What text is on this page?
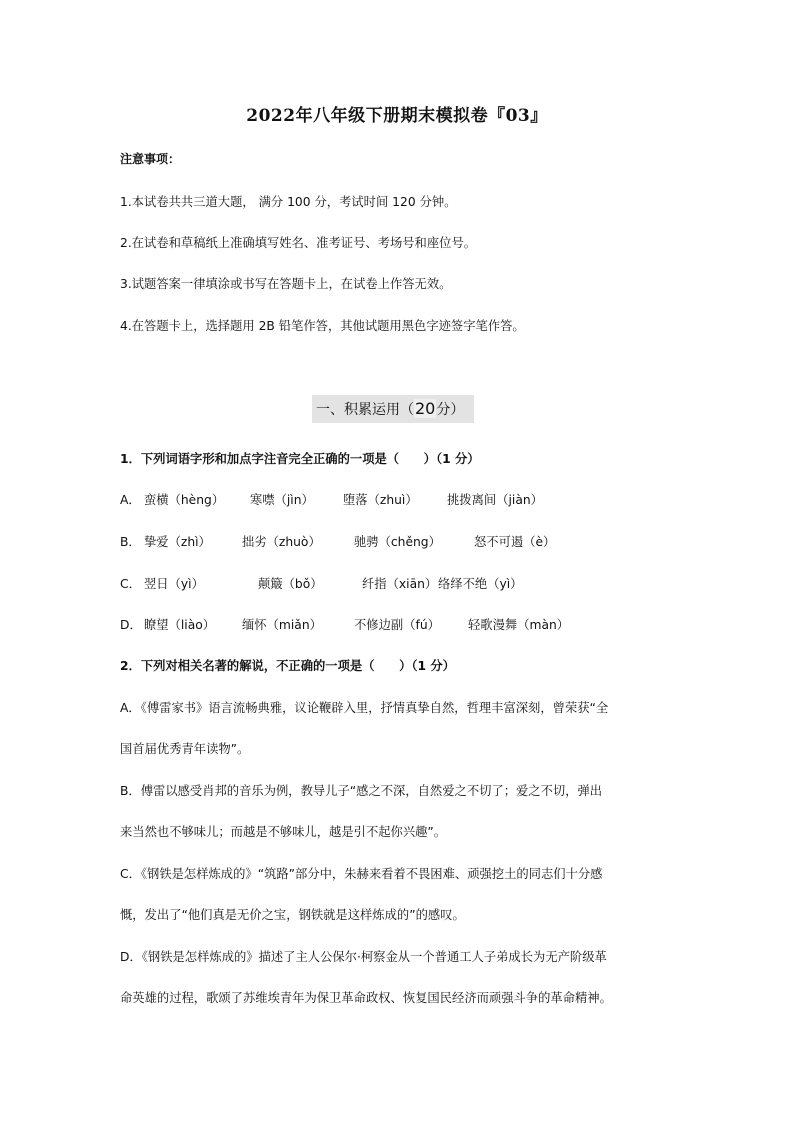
2022年八年级下册期末模拟卷『03』
注意事项：
1.本试卷共共三道大题， 满分 100 分，考试时间 120 分钟。
2.在试卷和草稿纸上准确填写姓名、准考证号、考场号和座位号。
3.试题答案一律填涂或书写在答题卡上，在试卷上作答无效。
4.在答题卡上，选择题用 2B 铅笔作答，其他试题用黑色字迹签字笔作答。
一、积累运用（20分）
1．下列词语字形和加点字注音完全正确的一项是（　　）（1 分）
A． 蛮横（hèng） 寒噤（jìn） 堕落（zhuì） 挑拨离间（jiàn）
B． 挚爱（zhì）	拙劣（zhuò）	驰骋（chěng）	怒不可遏（è）
C． 翌日（yì）	颠簸（bǒ）	纤指（xiān） 络绎不绝（yì）
D． 瞭望（liào） 缅怀（miǎn）	不修边副（fú） 轻歌漫舞（màn）
2．下列对相关名著的解说，不正确的一项是（　　）（1 分）
A．《傅雷家书》语言流畅典雅，议论鞭辟入里，抒情真挚自然，哲理丰富深刻，曾荣获“全
国首届优秀青年读物”。
B．傅雷以感受肖邦的音乐为例，教导儿子“感之不深，自然爱之不切了；爱之不切，弹出
来当然也不够味儿；而越是不够味儿，越是引不起你兴趣”。
C．《钢铁是怎样炼成的》“筑路”部分中，朱赫来看着不畏困难、顽强挖土的同志们十分感
慨，发出了“他们真是无价之宝，钢铁就是这样炼成的”的感叹。
D．《钢铁是怎样炼成的》描述了主人公保尔·柯察金从一个普通工人子弟成长为无产阶级革
命英雄的过程，歌颂了苏维埃青年为保卫革命政权、恢复国民经济而顽强斗争的革命精神。
